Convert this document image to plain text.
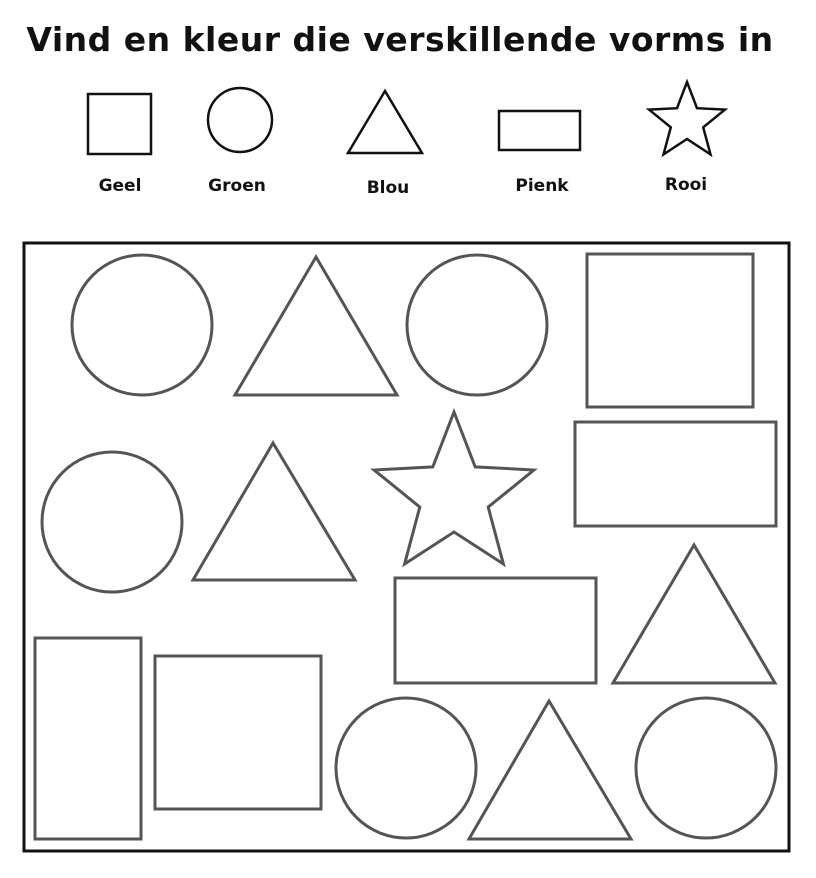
Vind en kleur die verskillende vorms in
Geel	Groen	Blou	Pienk	Rooi
